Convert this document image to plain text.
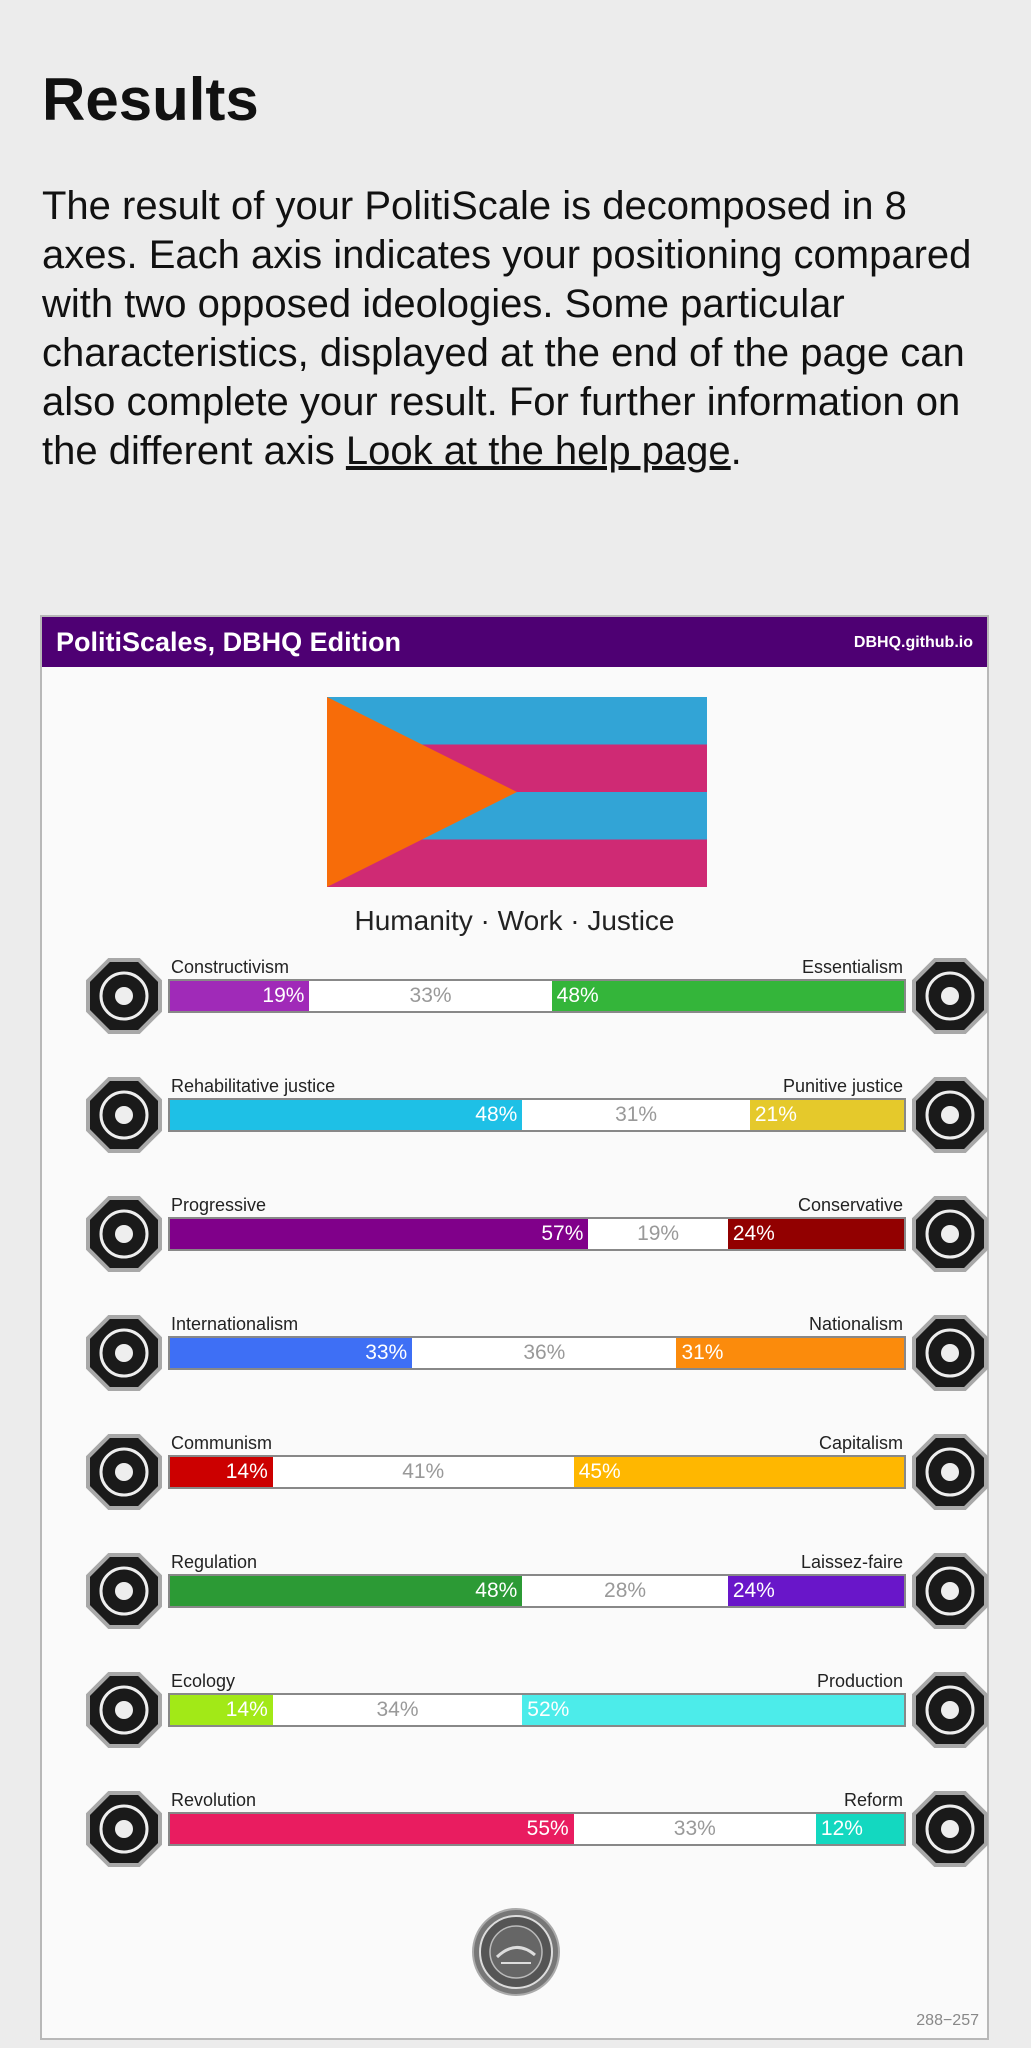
Results

The result of your PolitiScale is decomposed in 8 axes. Each axis indicates your positioning compared with two opposed ideologies. Some particular characteristics, displayed at the end of the page can also complete your result. For further information on the different axis Look at the help page.

PolitiScales, DBHQ Edition	DBHQ.github.io
Humanity · Work · Justice
Constructivism	Essentialism
19%	33%	48%
Rehabilitative justice	Punitive justice
48%	31%	21%
Progressive	Conservative
57%	19%	24%
Internationalism	Nationalism
33%	36%	31%
Communism	Capitalism
14%	41%	45%
Regulation	Laissez-faire
48%	28%	24%
Ecology	Production
14%	34%	52%
Revolution	Reform
55%	33%	12%
288−257
